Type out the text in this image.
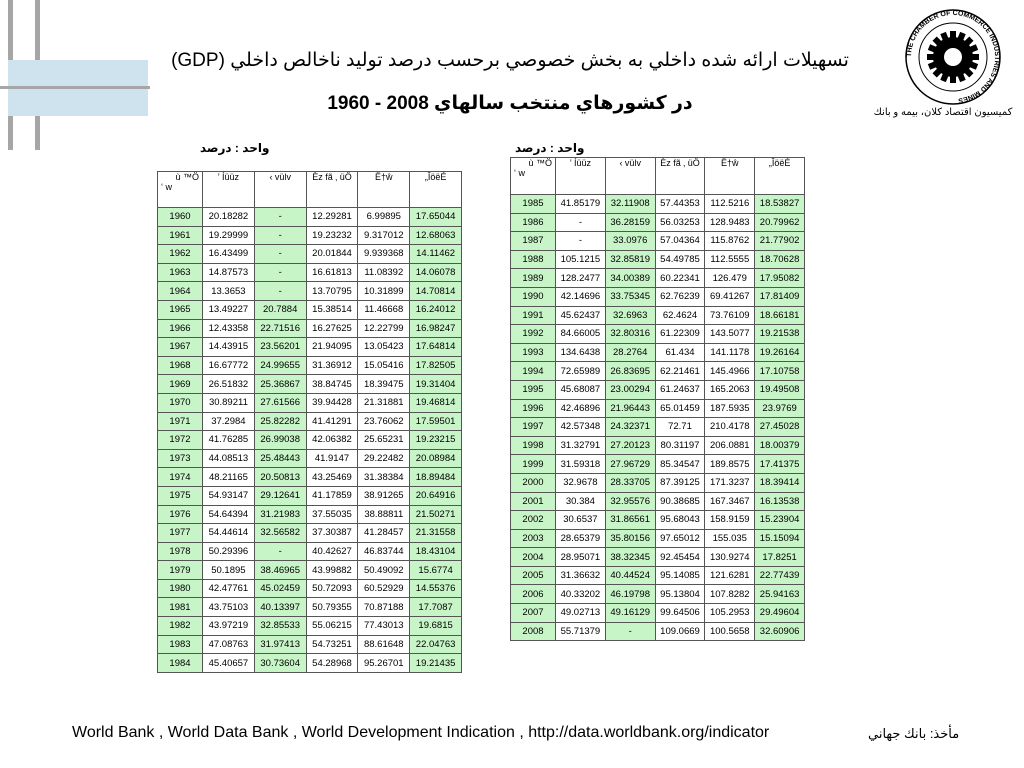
تسهيلات ارائه شده داخلي به بخش خصوصي برحسب درصد توليد ناخالص داخلي (GDP)
در كشورهاي منتخب سالهاي 2008 - 1960
THE CHAMBER OF COMMERCE INDUSTRIES AND MINES
كميسيون اقتصاد كلان، بيمه و بانك
واحد : درصد
ù ™Ö
‘ w	’ Íüüz	‹ vülv	Èz fã ‚ üÖ	Ë†ŵ	„ÎöëÉ
1960	20.18282	-	12.29281	6.99895	17.65044
1961	19.29999	-	19.23232	9.317012	12.68063
1962	16.43499	-	20.01844	9.939368	14.11462
1963	14.87573	-	16.61813	11.08392	14.06078
1964	13.3653	-	13.70795	10.31899	14.70814
1965	13.49227	20.7884	15.38514	11.46668	16.24012
1966	12.43358	22.71516	16.27625	12.22799	16.98247
1967	14.43915	23.56201	21.94095	13.05423	17.64814
1968	16.67772	24.99655	31.36912	15.05416	17.82505
1969	26.51832	25.36867	38.84745	18.39475	19.31404
1970	30.89211	27.61566	39.94428	21.31881	19.46814
1971	37.2984	25.82282	41.41291	23.76062	17.59501
1972	41.76285	26.99038	42.06382	25.65231	19.23215
1973	44.08513	25.48443	41.9147	29.22482	20.08984
1974	48.21165	20.50813	43.25469	31.38384	18.89484
1975	54.93147	29.12641	41.17859	38.91265	20.64916
1976	54.64394	31.21983	37.55035	38.88811	21.50271
1977	54.44614	32.56582	37.30387	41.28457	21.31558
1978	50.29396	-	40.42627	46.83744	18.43104
1979	50.1895	38.46965	43.99882	50.49092	15.6774
1980	42.47761	45.02459	50.72093	60.52929	14.55376
1981	43.75103	40.13397	50.79355	70.87188	17.7087
1982	43.97219	32.85533	55.06215	77.43013	19.6815
1983	47.08763	31.97413	54.73251	88.61648	22.04763
1984	45.40657	30.73604	54.28968	95.26701	19.21435
واحد : درصد
ù ™Ö
‘ w	’ Íüüz	‹ vülv	Èz fã ‚ üÖ	Ë†ŵ	„ÎöëÉ
1985	41.85179	32.11908	57.44353	112.5216	18.53827
1986	-	36.28159	56.03253	128.9483	20.79962
1987	-	33.0976	57.04364	115.8762	21.77902
1988	105.1215	32.85819	54.49785	112.5555	18.70628
1989	128.2477	34.00389	60.22341	126.479	17.95082
1990	42.14696	33.75345	62.76239	69.41267	17.81409
1991	45.62437	32.6963	62.4624	73.76109	18.66181
1992	84.66005	32.80316	61.22309	143.5077	19.21538
1993	134.6438	28.2764	61.434	141.1178	19.26164
1994	72.65989	26.83695	62.21461	145.4966	17.10758
1995	45.68087	23.00294	61.24637	165.2063	19.49508
1996	42.46896	21.96443	65.01459	187.5935	23.9769
1997	42.57348	24.32371	72.71	210.4178	27.45028
1998	31.32791	27.20123	80.31197	206.0881	18.00379
1999	31.59318	27.96729	85.34547	189.8575	17.41375
2000	32.9678	28.33705	87.39125	171.3237	18.39414
2001	30.384	32.95576	90.38685	167.3467	16.13538
2002	30.6537	31.86561	95.68043	158.9159	15.23904
2003	28.65379	35.80156	97.65012	155.035	15.15094
2004	28.95071	38.32345	92.45454	130.9274	17.8251
2005	31.36632	40.44524	95.14085	121.6281	22.77439
2006	40.33202	46.19798	95.13804	107.8282	25.94163
2007	49.02713	49.16129	99.64506	105.2953	29.49604
2008	55.71379	-	109.0669	100.5658	32.60906
World Bank , World Data Bank , World Development Indication , http://data.worldbank.org/indicator	مأخذ: بانك جهاني
